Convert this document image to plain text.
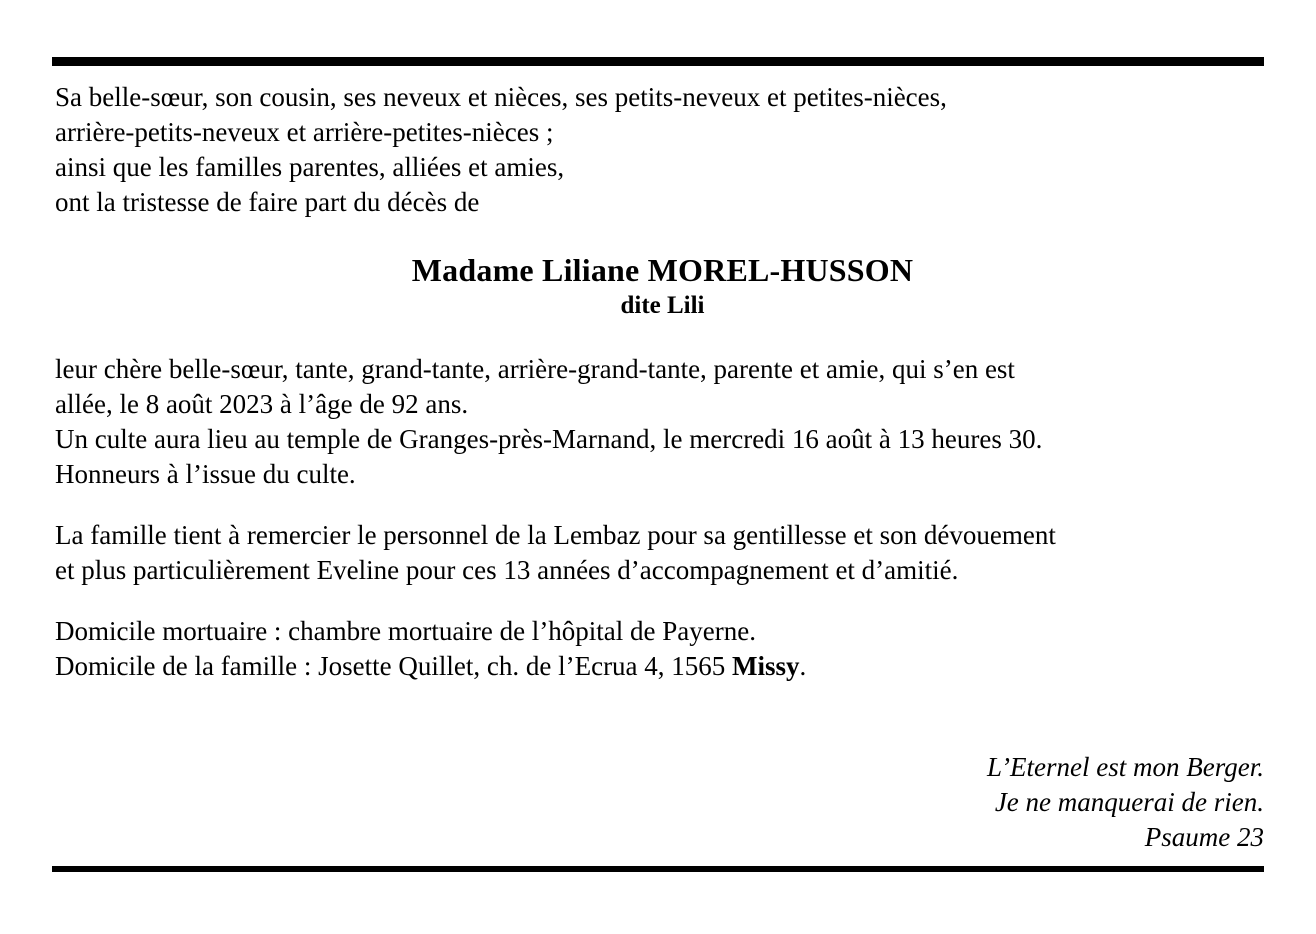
Sa belle-sœur, son cousin, ses neveux et nièces, ses petits-neveux et petites-nièces,
arrière-petits-neveux et arrière-petites-nièces ;
ainsi que les familles parentes, alliées et amies,
ont la tristesse de faire part du décès de
Madame Liliane MOREL-HUSSON
dite Lili
leur chère belle-sœur, tante, grand-tante, arrière-grand-tante, parente et amie, qui s’en est
allée, le 8 août 2023 à l’âge de 92 ans.
Un culte aura lieu au temple de Granges-près-Marnand, le mercredi 16 août à 13 heures 30.
Honneurs à l’issue du culte.
La famille tient à remercier le personnel de la Lembaz pour sa gentillesse et son dévouement
et plus particulièrement Eveline pour ces 13 années d’accompagnement et d’amitié.
Domicile mortuaire : chambre mortuaire de l’hôpital de Payerne.
Domicile de la famille : Josette Quillet, ch. de l’Ecrua 4, 1565 Missy.
L’Eternel est mon Berger.
Je ne manquerai de rien.
Psaume 23
